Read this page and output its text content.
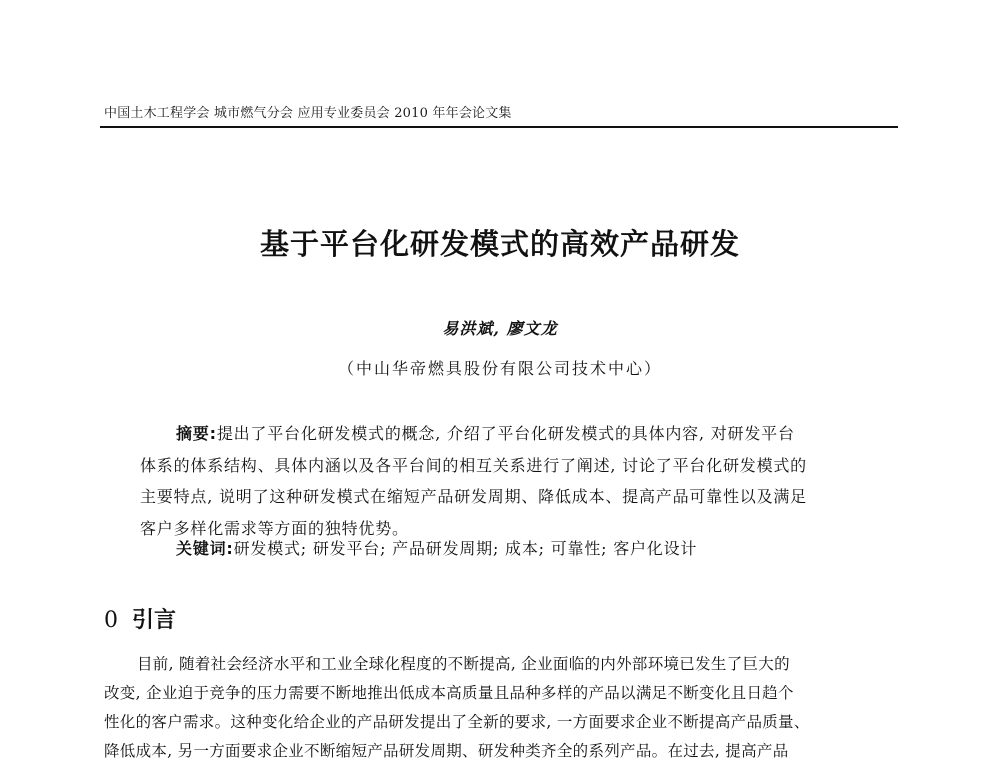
中国土木工程学会 城市燃气分会 应用专业委员会 2010 年年会论文集
基于平台化研发模式的高效产品研发
易洪斌, 廖文龙
（中山华帝燃具股份有限公司技术中心）
摘要:提出了平台化研发模式的概念, 介绍了平台化研发模式的具体内容, 对研发平台
体系的体系结构、具体内涵以及各平台间的相互关系进行了阐述, 讨论了平台化研发模式的
主要特点, 说明了这种研发模式在缩短产品研发周期、降低成本、提高产品可靠性以及满足
客户多样化需求等方面的独特优势。
关键词:研发模式; 研发平台; 产品研发周期; 成本; 可靠性; 客户化设计
0 引言
目前, 随着社会经济水平和工业全球化程度的不断提高, 企业面临的内外部环境已发生了巨大的
改变, 企业迫于竞争的压力需要不断地推出低成本高质量且品种多样的产品以满足不断变化且日趋个
性化的客户需求。这种变化给企业的产品研发提出了全新的要求, 一方面要求企业不断提高产品质量、
降低成本, 另一方面要求企业不断缩短产品研发周期、研发种类齐全的系列产品。在过去, 提高产品
